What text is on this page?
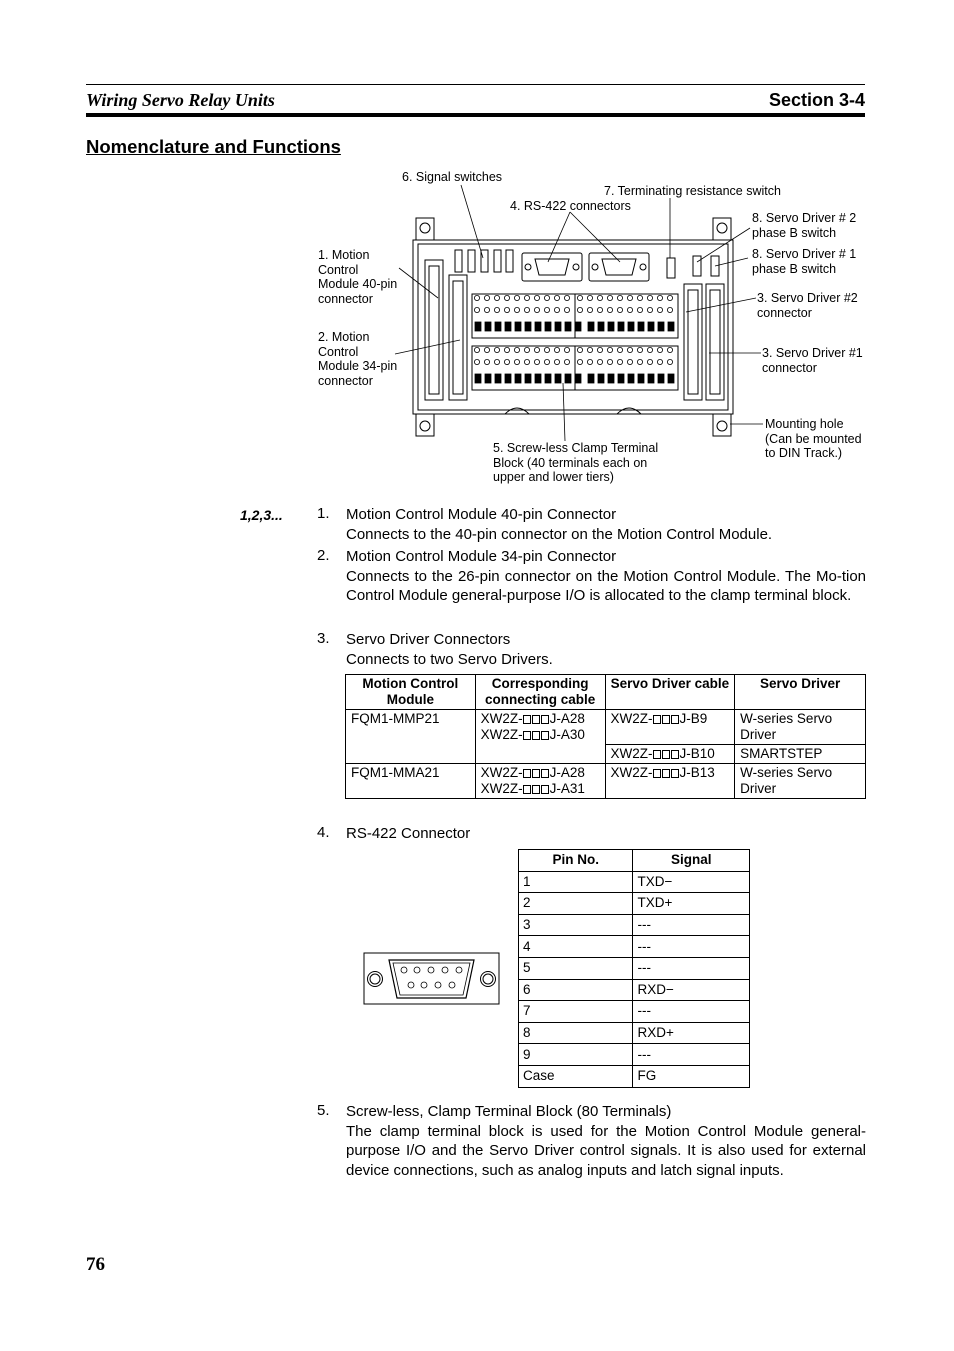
Wiring Servo Relay Units	Section 3-4
Nomenclature and Functions
6. Signal switches
7. Terminating resistance switch
4. RS-422 connectors
8. Servo Driver # 2
phase B switch
8. Servo Driver # 1
phase B switch
1. Motion
Control
Module 40-pin
connector
2. Motion
Control
Module 34-pin
connector
3. Servo Driver #2
connector
3. Servo Driver #1
connector
Mounting hole
(Can be mounted
to DIN Track.)
5. Screw-less Clamp Terminal
Block (40 terminals each on
upper and lower tiers)
1,2,3... 1. Motion Control Module 40-pin Connector
Connects to the 40-pin connector on the Motion Control Module.
2. Motion Control Module 34-pin Connector
Connects to the 26-pin connector on the Motion Control Module. The Mo-tion Control Module general-purpose I/O is allocated to the clamp terminal block.
3. Servo Driver Connectors
Connects to two Servo Drivers.
Motion Control Module	Corresponding connecting cable	Servo Driver cable	Servo Driver
FQM1-MMP21	XW2Z- J-A28
XW2Z- J-A30	XW2Z- J-B9	W-series Servo Driver
		XW2Z- J-B10	SMARTSTEP
FQM1-MMA21	XW2Z- J-A28
XW2Z- J-A31	XW2Z- J-B13	W-series Servo Driver
4. RS-422 Connector
Pin No.	Signal
1	TXD−
2	TXD+
3	---
4	---
5	---
6	RXD−
7	---
8	RXD+
9	---
Case	FG
5. Screw-less, Clamp Terminal Block (80 Terminals)
The clamp terminal block is used for the Motion Control Module general-purpose I/O and the Servo Driver control signals. It is also used for external device connections, such as analog inputs and latch signal inputs.
76
